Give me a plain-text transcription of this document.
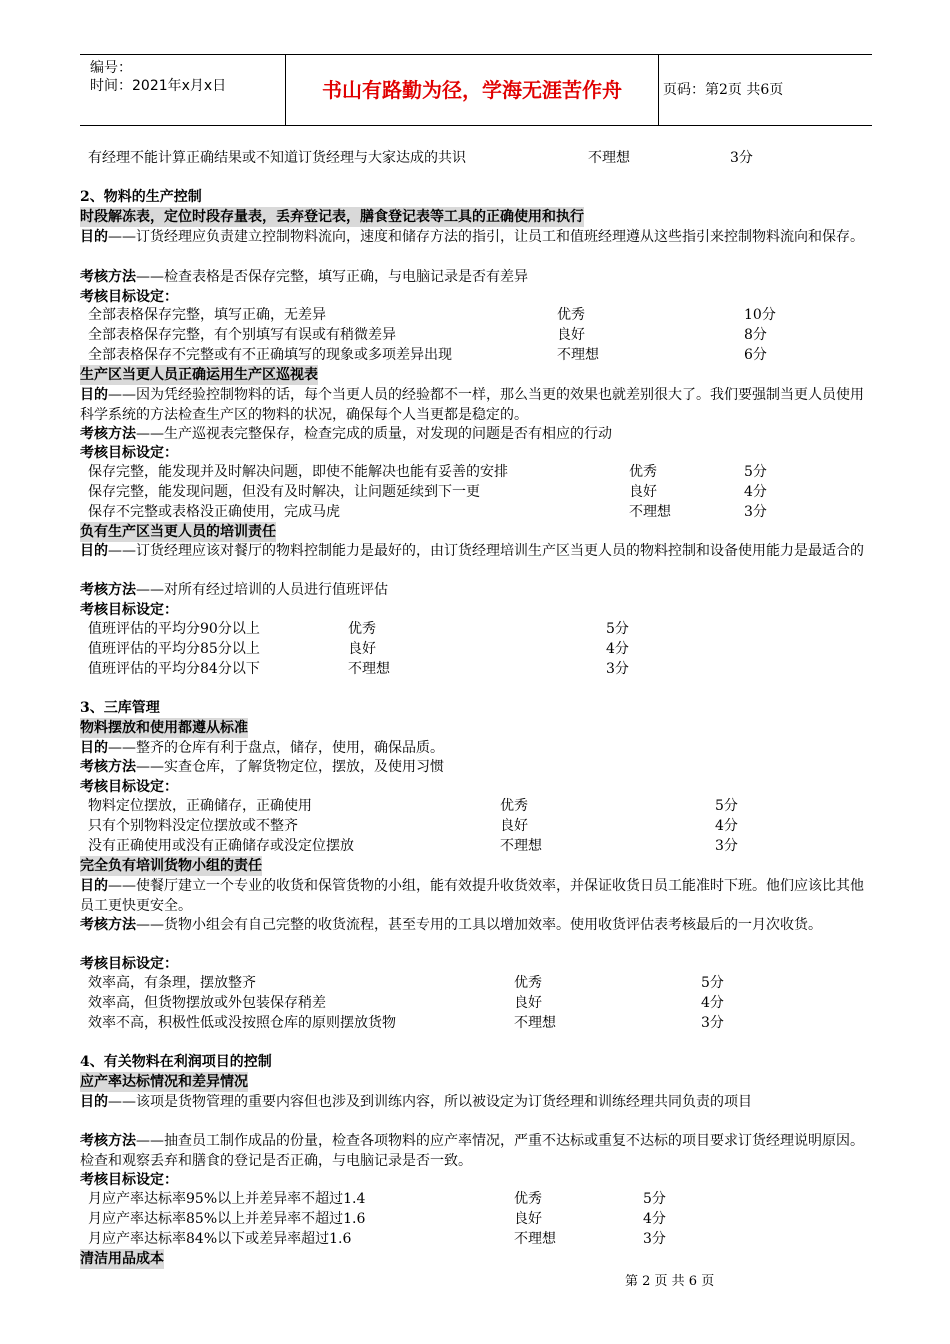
编号：
时间：2021年x月x日	书山有路勤为径，学海无涯苦作舟	页码：第2页 共6页
有经理不能计算正确结果或不知道订货经理与大家达成的共识	不理想	3分
2、物料的生产控制
时段解冻表，定位时段存量表，丢弃登记表，膳食登记表等工具的正确使用和执行
目的——订货经理应负责建立控制物料流向，速度和储存方法的指引，让员工和值班经理遵从这些指引来控制物料流向和保存。
考核方法——检查表格是否保存完整，填写正确，与电脑记录是否有差异
考核目标设定：
全部表格保存完整，填写正确，无差异	优秀	10分
全部表格保存完整，有个别填写有误或有稍微差异	良好	8分
全部表格保存不完整或有不正确填写的现象或多项差异出现	不理想	6分
生产区当更人员正确运用生产区巡视表
目的——因为凭经验控制物料的话，每个当更人员的经验都不一样，那么当更的效果也就差别很大了。我们要强制当更人员使用科学系统的方法检查生产区的物料的状况，确保每个人当更都是稳定的。
考核方法——生产巡视表完整保存，检查完成的质量，对发现的问题是否有相应的行动
考核目标设定：
保存完整，能发现并及时解决问题，即使不能解决也能有妥善的安排	优秀	5分
保存完整，能发现问题，但没有及时解决，让问题延续到下一更	良好	4分
保存不完整或表格没正确使用，完成马虎	不理想	3分
负有生产区当更人员的培训责任
目的——订货经理应该对餐厅的物料控制能力是最好的，由订货经理培训生产区当更人员的物料控制和设备使用能力是最适合的
考核方法——对所有经过培训的人员进行值班评估
考核目标设定：
值班评估的平均分90分以上	优秀	5分
值班评估的平均分85分以上	良好	4分
值班评估的平均分84分以下	不理想	3分
3、三库管理
物料摆放和使用都遵从标准
目的——整齐的仓库有利于盘点，储存，使用，确保品质。
考核方法——实查仓库，了解货物定位，摆放，及使用习惯
考核目标设定：
物料定位摆放，正确储存，正确使用	优秀	5分
只有个别物料没定位摆放或不整齐	良好	4分
没有正确使用或没有正确储存或没定位摆放	不理想	3分
完全负有培训货物小组的责任
目的——使餐厅建立一个专业的收货和保管货物的小组，能有效提升收货效率，并保证收货日员工能准时下班。他们应该比其他员工更快更安全。
考核方法——货物小组会有自己完整的收货流程，甚至专用的工具以增加效率。使用收货评估表考核最后的一月次收货。
考核目标设定：
效率高，有条理，摆放整齐	优秀	5分
效率高，但货物摆放或外包装保存稍差	良好	4分
效率不高，积极性低或没按照仓库的原则摆放货物	不理想	3分
4、有关物料在利润项目的控制
应产率达标情况和差异情况
目的——该项是货物管理的重要内容但也涉及到训练内容，所以被设定为订货经理和训练经理共同负责的项目
考核方法——抽查员工制作成品的份量，检查各项物料的应产率情况，严重不达标或重复不达标的项目要求订货经理说明原因。检查和观察丢弃和膳食的登记是否正确，与电脑记录是否一致。
考核目标设定：
月应产率达标率95%以上并差异率不超过1.4	优秀	5分
月应产率达标率85%以上并差异率不超过1.6	良好	4分
月应产率达标率84%以下或差异率超过1.6	不理想	3分
清洁用品成本
第 2 页 共 6 页
